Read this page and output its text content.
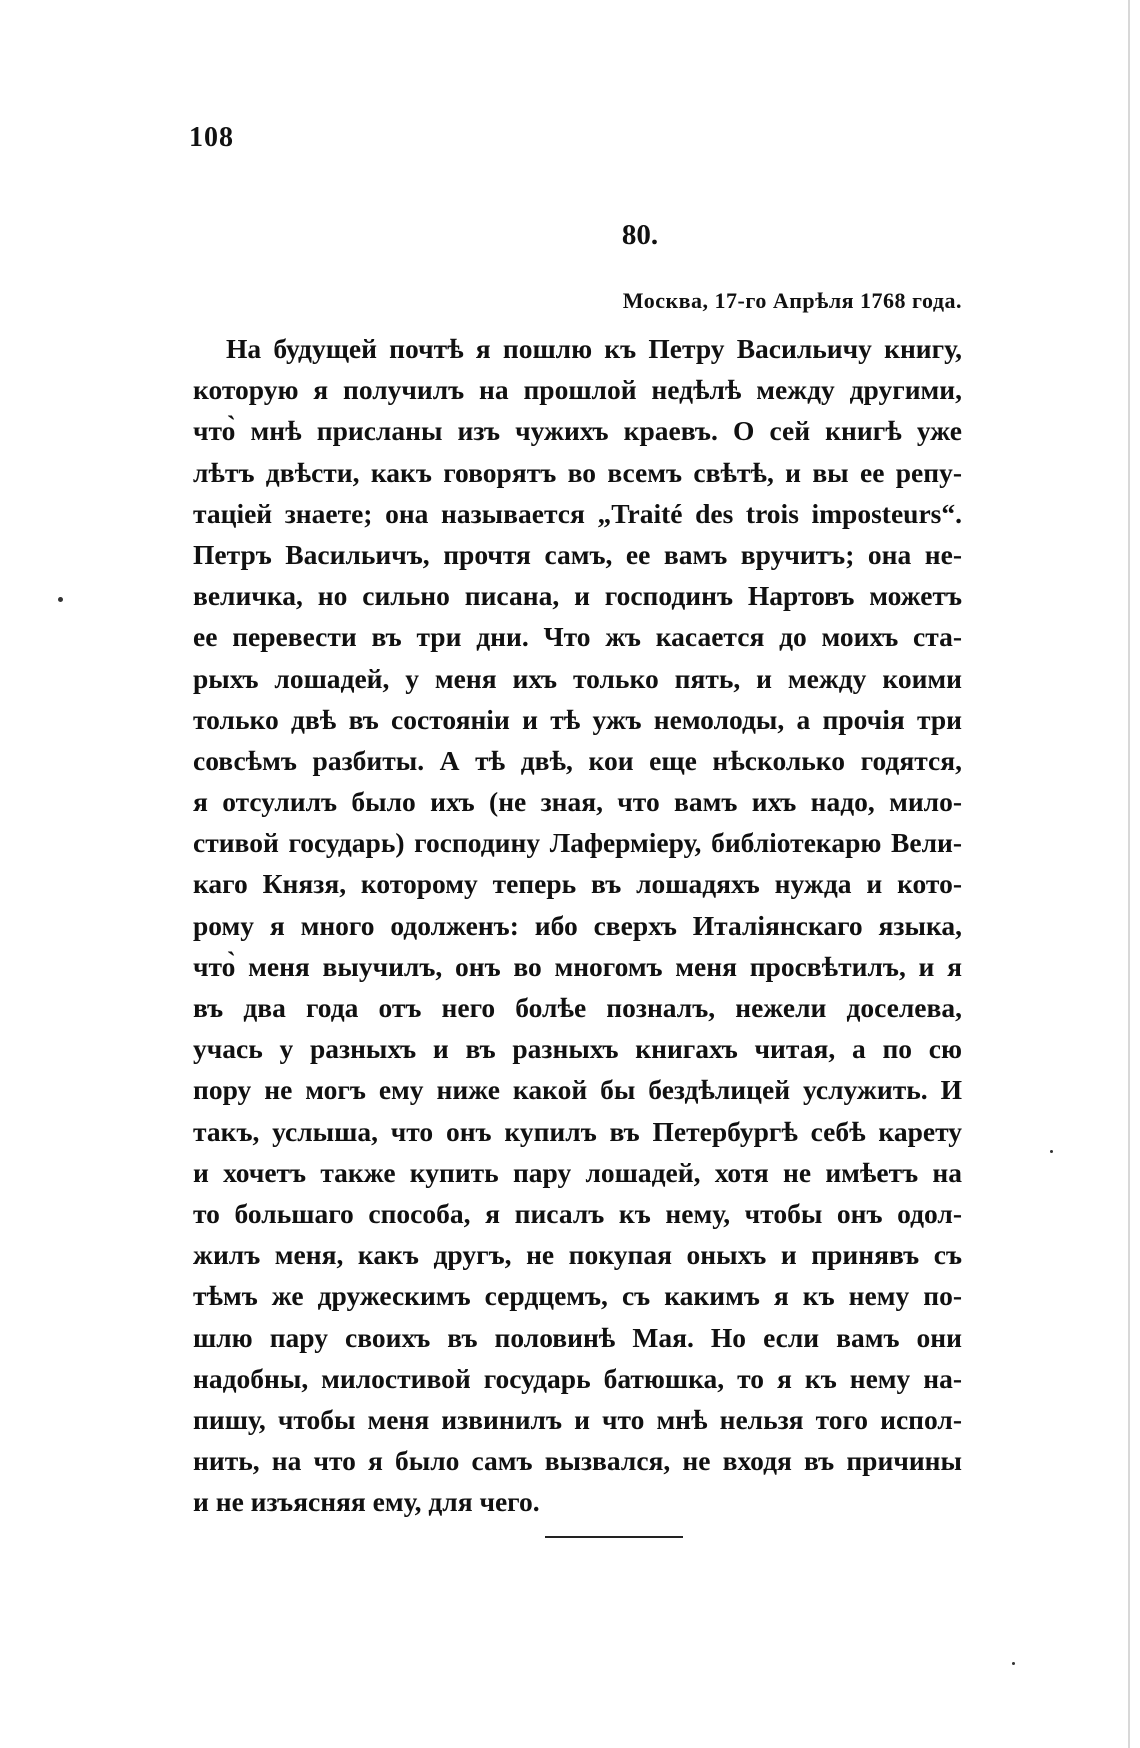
108
80.
Москва, 17-го Апрѣля 1768 года.
На будущей почтѣ я пошлю къ Петру Васильичу книгу,
которую я получилъ на прошлой недѣлѣ между другими,
что̀ мнѣ присланы изъ чужихъ краевъ. О сей книгѣ уже
лѣтъ двѣсти, какъ говорятъ во всемъ свѣтѣ, и вы ее репу-
таціей знаете; она называется „Traité des trois imposteurs“.
Петръ Васильичъ, прочтя самъ, ее вамъ вручитъ; она не-
величка, но сильно писана, и господинъ Нартовъ можетъ
ее перевести въ три дни. Что жъ касается до моихъ ста-
рыхъ лошадей, у меня ихъ только пять, и между коими
только двѣ въ состояніи и тѣ ужъ немолоды, а прочія три
совсѣмъ разбиты. А тѣ двѣ, кои еще нѣсколько годятся,
я отсулилъ было ихъ (не зная, что вамъ ихъ надо, мило-
стивой государь) господину Лаферміеру, библіотекарю Вели-
каго Князя, которому теперь въ лошадяхъ нужда и кото-
рому я много одолженъ: ибо сверхъ Италіянскаго языка,
что̀ меня выучилъ, онъ во многомъ меня просвѣтилъ, и я
въ два года отъ него болѣе позналъ, нежели доселева,
учась у разныхъ и въ разныхъ книгахъ читая, а по сю
пору не могъ ему ниже какой бы бездѣлицей услужить. И
такъ, услыша, что онъ купилъ въ Петербургѣ себѣ карету
и хочетъ также купить пару лошадей, хотя не имѣетъ на
то большаго способа, я писалъ къ нему, чтобы онъ одол-
жилъ меня, какъ другъ, не покупая оныхъ и принявъ съ
тѣмъ же дружескимъ сердцемъ, съ какимъ я къ нему по-
шлю пару своихъ въ половинѣ Мая. Но если вамъ они
надобны, милостивой государь батюшка, то я къ нему на-
пишу, чтобы меня извинилъ и что мнѣ нельзя того испол-
нить, на что я было самъ вызвался, не входя въ причины
и не изъясняя ему, для чего.
